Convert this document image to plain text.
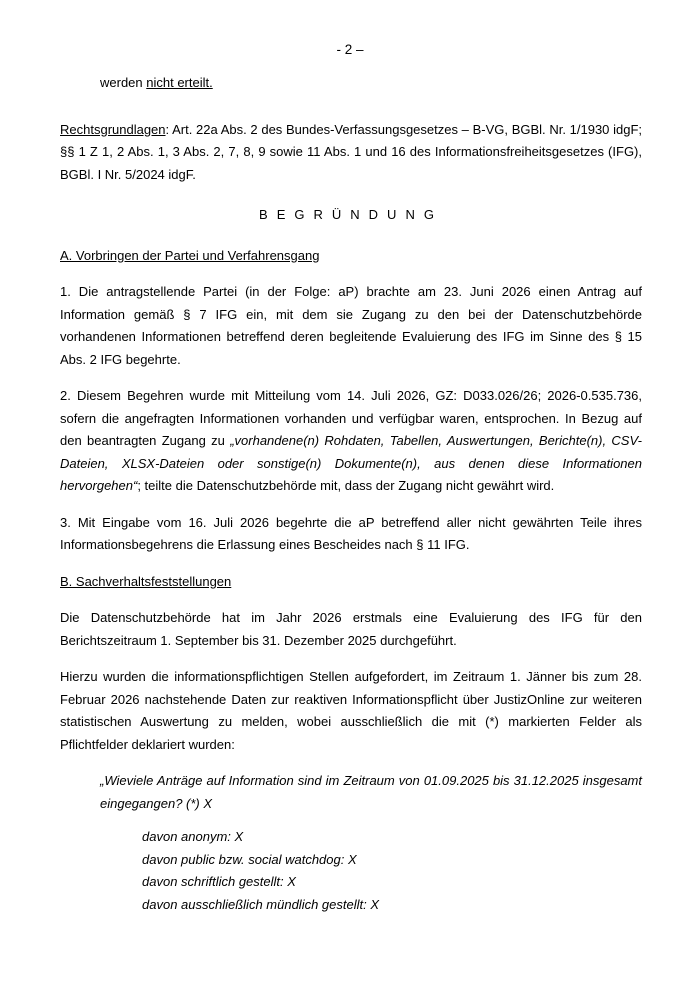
- 2 –

werden nicht erteilt.

Rechtsgrundlagen: Art. 22a Abs. 2 des Bundes-Verfassungsgesetzes – B-VG, BGBl. Nr. 1/1930 idgF; §§ 1 Z 1, 2 Abs. 1, 3 Abs. 2, 7, 8, 9 sowie 11 Abs. 1 und 16 des Informationsfreiheitsgesetzes (IFG), BGBl. I Nr. 5/2024 idgF.

BEGRÜNDUNG

A. Vorbringen der Partei und Verfahrensgang

1. Die antragstellende Partei (in der Folge: aP) brachte am 23. Juni 2026 einen Antrag auf Information gemäß § 7 IFG ein, mit dem sie Zugang zu den bei der Datenschutzbehörde vorhandenen Informationen betreffend deren begleitende Evaluierung des IFG im Sinne des § 15 Abs. 2 IFG begehrte.

2. Diesem Begehren wurde mit Mitteilung vom 14. Juli 2026, GZ: D033.026/26; 2026-0.535.736, sofern die angefragten Informationen vorhanden und verfügbar waren, entsprochen. In Bezug auf den beantragten Zugang zu „vorhandene(n) Rohdaten, Tabellen, Auswertungen, Berichte(n), CSV-Dateien, XLSX-Dateien oder sonstige(n) Dokumente(n), aus denen diese Informationen hervorgehen“; teilte die Datenschutzbehörde mit, dass der Zugang nicht gewährt wird.

3. Mit Eingabe vom 16. Juli 2026 begehrte die aP betreffend aller nicht gewährten Teile ihres Informationsbegehrens die Erlassung eines Bescheides nach § 11 IFG.

B. Sachverhaltsfeststellungen

Die Datenschutzbehörde hat im Jahr 2026 erstmals eine Evaluierung des IFG für den Berichtszeitraum 1. September bis 31. Dezember 2025 durchgeführt.

Hierzu wurden die informationspflichtigen Stellen aufgefordert, im Zeitraum 1. Jänner bis zum 28. Februar 2026 nachstehende Daten zur reaktiven Informationspflicht über JustizOnline zur weiteren statistischen Auswertung zu melden, wobei ausschließlich die mit (*) markierten Felder als Pflichtfelder deklariert wurden:

„Wieviele Anträge auf Information sind im Zeitraum von 01.09.2025 bis 31.12.2025 insgesamt eingegangen? (*) X

davon anonym: X
davon public bzw. social watchdog: X
davon schriftlich gestellt: X
davon ausschließlich mündlich gestellt: X
